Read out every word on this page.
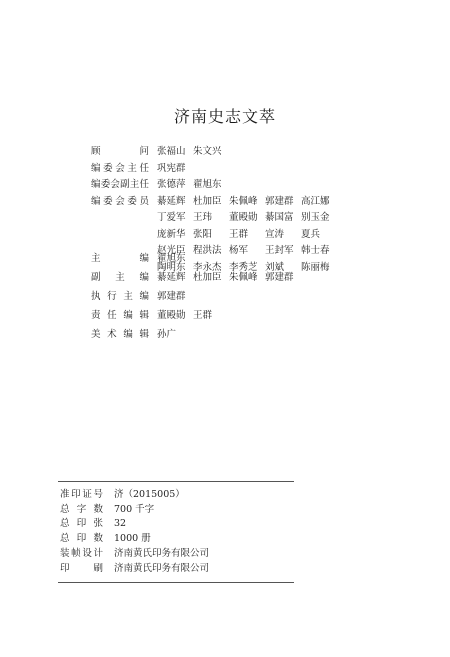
济南史志文萃
顾问 张福山 朱文兴
编委会主任 巩宪群
编委会副主任 张德萍 翟旭东
编委会委员 綦延辉 杜加臣 朱佩峰 郭建群 高江娜
丁爱军 王玮 董殿勋 綦国富 别玉金
庞新华 张阳 王群 宣涛 夏兵
赵光臣 程洪法 杨军 王封军 韩士春
陶明东 李永杰 李秀芝 刘斌 陈丽梅
主编 翟旭东
副主编 綦延辉 杜加臣 朱佩峰 郭建群
执行主编 郭建群
责任编辑 董殿勋 王群
美术编辑 孙广
准印证号 济（2015005）
总字数 700 千字
总印张 32
总印数 1000 册
装帧设计 济南黄氏印务有限公司
印刷 济南黄氏印务有限公司
